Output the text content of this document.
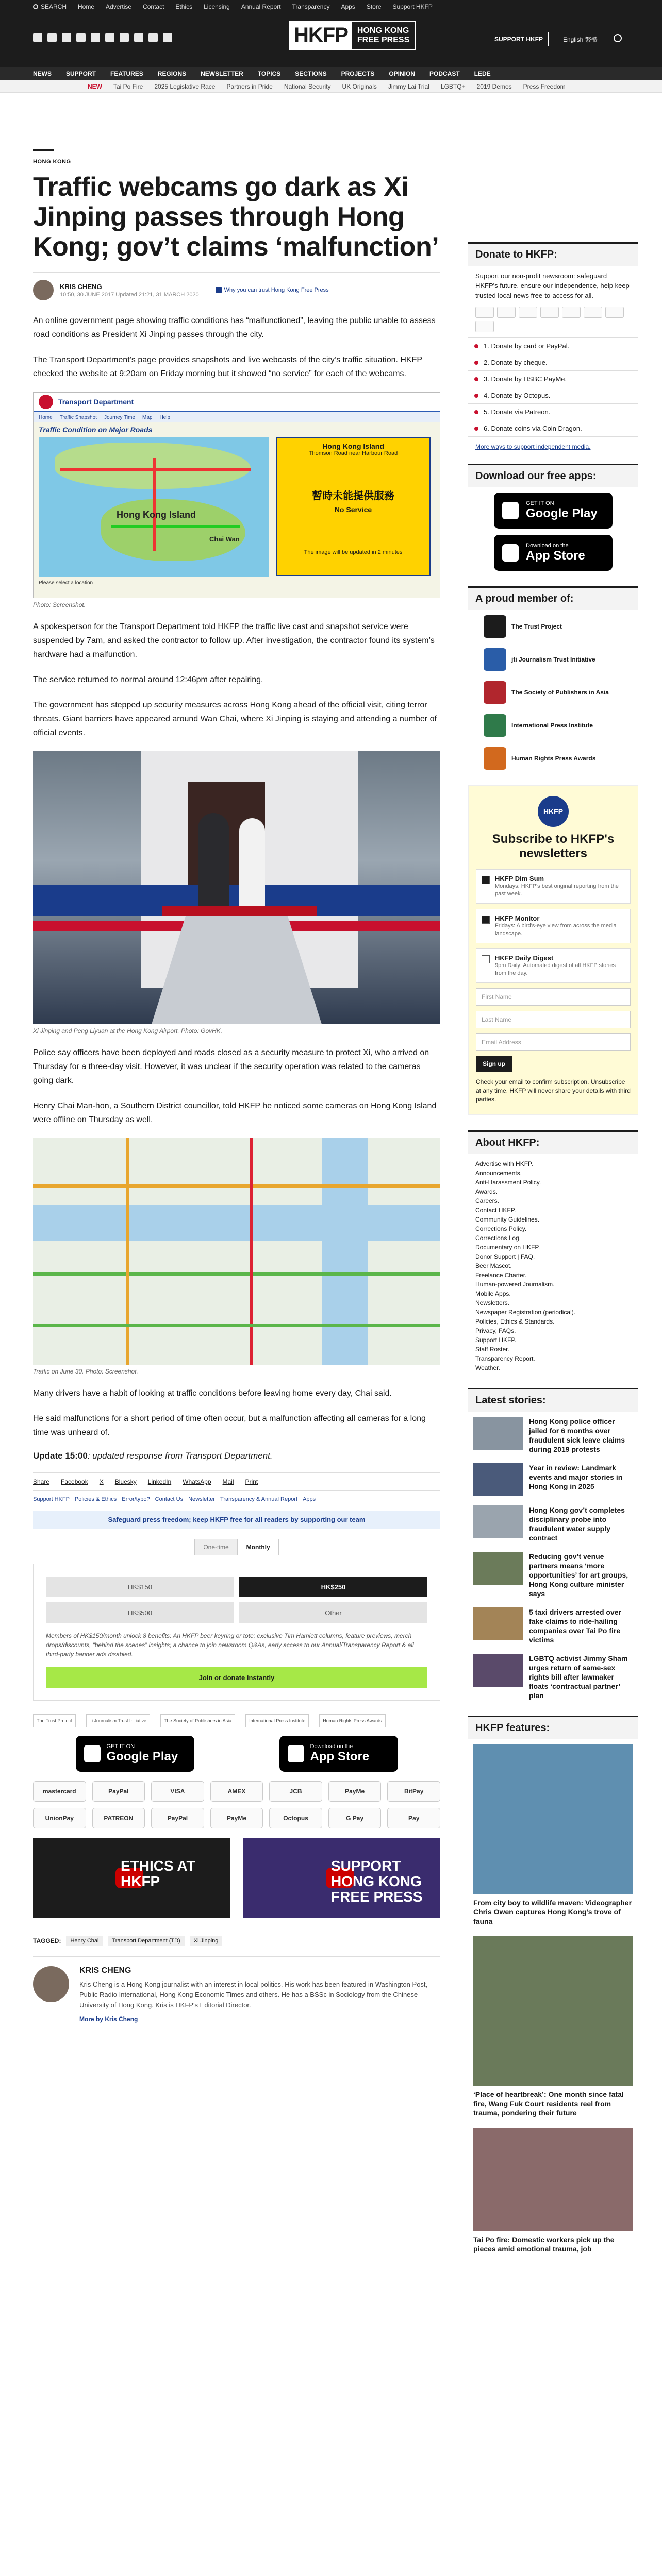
SEARCH Home Advertise Contact Ethics Licensing Annual Report Transparency Apps Store Support HKFP
HKFP	HONG KONG
FREE PRESS	SUPPORT HKFP	English 繁體
NEWS SUPPORT FEATURES REGIONS NEWSLETTER TOPICS SECTIONS PROJECTS OPINION PODCAST LEDE
NEW Tai Po Fire 2025 Legislative Race Partners in Pride National Security UK Originals Jimmy Lai Trial LGBTQ+ 2019 Demos Press Freedom
HONG KONG
Traffic webcams go dark as Xi Jinping passes through Hong Kong; gov’t claims ‘malfunction’
KRIS CHENG
10:50, 30 JUNE 2017 Updated 21:21, 31 MARCH 2020
Why you can trust Hong Kong Free Press

An online government page showing traffic conditions has “malfunctioned”, leaving the public unable to assess road conditions as President Xi Jinping passes through the city.

The Transport Department’s page provides snapshots and live webcasts of the city’s traffic situation. HKFP checked the website at 9:20am on Friday morning but it showed “no service” for each of the webcams.

Transport Department
Home Traffic Snapshot Journey Time Map Help
Traffic Condition on Major Roads
Hong Kong Island
Chai Wan
Hong Kong Island
Thomson Road near Harbour Road
暫時未能提供服務
No Service
The image will be updated in 2 minutes
Please select a location
Photo: Screenshot.

A spokesperson for the Transport Department told HKFP the traffic live cast and snapshot service were suspended by 7am, and asked the contractor to follow up. After investigation, the contractor found its system’s hardware had a malfunction.

The service returned to normal around 12:46pm after repairing.

The government has stepped up security measures across Hong Kong ahead of the official visit, citing terror threats. Giant barriers have appeared around Wan Chai, where Xi Jinping is staying and attending a number of official events.

Xi Jinping and Peng Liyuan at the Hong Kong Airport. Photo: GovHK.

Police say officers have been deployed and roads closed as a security measure to protect Xi, who arrived on Thursday for a three-day visit. However, it was unclear if the security operation was related to the cameras going dark.

Henry Chai Man-hon, a Southern District councillor, told HKFP he noticed some cameras on Hong Kong Island were offline on Thursday as well.

Traffic on June 30. Photo: Screenshot.

Many drivers have a habit of looking at traffic conditions before leaving home every day, Chai said.

He said malfunctions for a short period of time often occur, but a malfunction affecting all cameras for a long time was unheard of.

Update 15:00: updated response from Transport Department.
Share Facebook X Bluesky LinkedIn WhatsApp Mail Print
Support HKFP Policies & Ethics Error/typo? Contact Us Newsletter Transparency & Annual Report Apps
Safeguard press freedom; keep HKFP free for all readers by supporting our team
One-time	Monthly
HK$150	HK$250
HK$500	Other
Members of HK$150/month unlock 8 benefits: An HKFP beer keyring or tote; exclusive Tim Hamlett columns, feature previews, merch drops/discounts, “behind the scenes” insights; a chance to join newsroom Q&As, early access to our Annual/Transparency Report & all third-party banner ads disabled.
Join or donate instantly
The Trust Project	jti Journalism Trust Initiative	The Society of Publishers in Asia	International Press Institute	Human Rights Press Awards
GET IT ON
Google Play
Download on the
App Store
mastercard	PayPal	VISA	AMEX	JCB	PayMe	BitPay
UnionPay	PATREON	PayPal	PayMe	Octopus	G Pay	Pay
ETHICS AT HKFP
SUPPORT HONG KONG FREE PRESS
TAGGED:	Henry Chai	Transport Department (TD)	Xi Jinping
KRIS CHENG
Kris Cheng is a Hong Kong journalist with an interest in local politics. His work has been featured in Washington Post, Public Radio International, Hong Kong Economic Times and others. He has a BSSc in Sociology from the Chinese University of Hong Kong. Kris is HKFP's Editorial Director.
More by Kris Cheng
Donate to HKFP:
Support our non-profit newsroom: safeguard HKFP's future, ensure our independence, help keep trusted local news free-to-access for all.
1. Donate by card or PayPal.
2. Donate by cheque.
3. Donate by HSBC PayMe.
4. Donate by Octopus.
5. Donate via Patreon.
6. Donate coins via Coin Dragon.
More ways to support independent media.
Download our free apps:
GET IT ON
Google Play
Download on the
App Store
A proud member of:
The Trust Project
jti Journalism Trust Initiative
The Society of Publishers in Asia
International Press Institute
Human Rights Press Awards
HKFP
Subscribe to HKFP's newsletters
HKFP Dim Sum
Mondays: HKFP's best original reporting from the past week.
HKFP Monitor
Fridays: A bird's-eye view from across the media landscape.
HKFP Daily Digest
9pm Daily: Automated digest of all HKFP stories from the day.
First Name
Last Name
Email Address
Sign up
Check your email to confirm subscription. Unsubscribe at any time. HKFP will never share your details with third parties.
About HKFP:
Advertise with HKFP.
Announcements.
Anti-Harassment Policy.
Awards.
Careers.
Contact HKFP.
Community Guidelines.
Corrections Policy.
Corrections Log.
Documentary on HKFP.
Donor Support | FAQ.
Beer Mascot.
Freelance Charter.
Human-powered Journalism.
Mobile Apps.
Newsletters.
Newspaper Registration (periodical).
Policies, Ethics & Standards.
Privacy, FAQs.
Support HKFP.
Staff Roster.
Transparency Report.
Weather.
Latest stories:
Hong Kong police officer jailed for 6 months over fraudulent sick leave claims during 2019 protests
Year in review: Landmark events and major stories in Hong Kong in 2025
Hong Kong gov’t completes disciplinary probe into fraudulent water supply contract
Reducing gov’t venue partners means ‘more opportunities’ for art groups, Hong Kong culture minister says
5 taxi drivers arrested over fake claims to ride-hailing companies over Tai Po fire victims
LGBTQ activist Jimmy Sham urges return of same-sex rights bill after lawmaker floats ‘contractual partner’ plan
HKFP features:
From city boy to wildlife maven: Videographer Chris Owen captures Hong Kong’s trove of fauna
‘Place of heartbreak’: One month since fatal fire, Wang Fuk Court residents reel from trauma, pondering their future
Tai Po fire: Domestic workers pick up the pieces amid emotional trauma, job
